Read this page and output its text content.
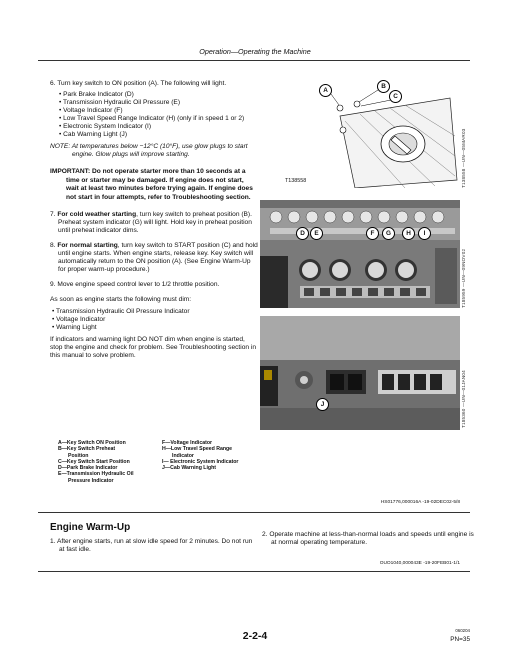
Operation—Operating the Machine
6. Turn key switch to ON position (A). The following will light.
• Park Brake Indicator (D)
• Transmission Hydraulic Oil Pressure (E)
• Voltage Indicator (F)
• Low Travel Speed Range Indicator (H) (only if in speed 1 or 2)
• Electronic System Indicator (I)
• Cab Warning Light (J)
NOTE: At temperatures below −12°C (10°F), use glow plugs to start engine. Glow plugs will improve starting.
IMPORTANT: Do not operate starter more than 10 seconds at a time or starter may be damaged. If engine does not start, wait at least two minutes before trying again. If engine does not start in four attempts, refer to Troubleshooting section.
7. For cold weather starting, turn key switch to preheat position (B). Preheat system indicator (G) will light. Hold key in preheat position until preheat indicator dims.
8. For normal starting, turn key switch to START position (C) and hold until engine starts. When engine starts, release key. Key switch will automatically return to the ON position (A). (See Engine Warm-Up for proper warm-up procedure.)
9. Move engine speed control lever to 1/2 throttle position.
As soon as engine starts the following must dim:
• Transmission Hydraulic Oil Pressure Indicator
• Voltage Indicator
• Warning Light
If indicators and warning light DO NOT dim when engine is started, stop the engine and check for problem. See Troubleshooting section in this manual to solve problem.
A—Key Switch ON Position
B—Key Switch Preheat
Position
C—Key Switch Start Position
D—Park Brake Indicator
E—Transmission Hydraulic Oil
Pressure Indicator
F—Voltage Indicator
H—Low Travel Speed Range
Indicator
I— Electronic System Indicator
J—Cab Warning Light
A
B
C
T138558	T138558 —UN—05MAR03
D	E	F	G	H	I
T185959 —UN—09NOV02
J	T185360 —UN—01JAN04
HS01776,000016A -19-02DEC02-5/8
Engine Warm-Up
1. After engine starts, run at slow idle speed for 2 minutes. Do not run at fast idle.
2. Operate machine at less-than-normal loads and speeds until engine is at normal operating temperature.
OUO1040,000043E -19-20FEB01-1/1
2-2-4	060204
PN=35
